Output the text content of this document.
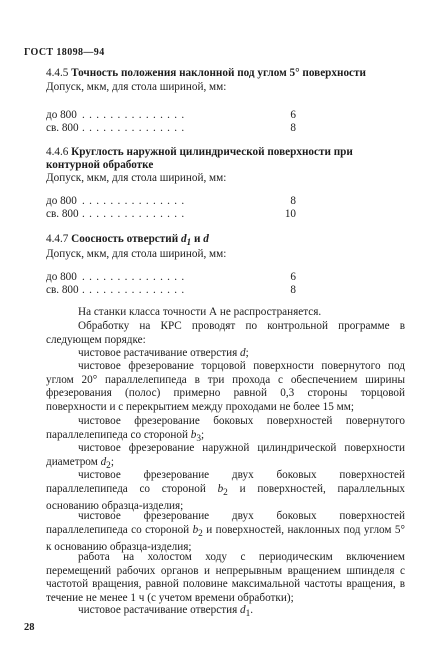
ГОСТ 18098—94
4.4.5 Точность положения наклонной под углом 5° поверхности
Допуск, мкм, для стола шириной, мм:
до 800 ...............	6
св. 800 ...............	8
4.4.6 Круглость наружной цилиндрической поверхности при контурной обработке
Допуск, мкм, для стола шириной, мм:
до 800 ...............	8
св. 800 ...............	10
4.4.7 Соосность отверстий $d_1$ и d
Допуск, мкм, для стола шириной, мм:
до 800 ...............	6
св. 800 ...............	8
На станки класса точности А не распространяется.
Обработку на КРС проводят по контрольной программе в следующем порядке:
чистовое растачивание отверстия d;
чистовое фрезерование торцовой поверхности повернутого под углом 20° параллелепипеда в три прохода с обеспечением ширины фрезерования (полос) примерно равной 0,3 стороны торцовой поверхности и с перекрытием между проходами не более 15 мм;
чистовое фрезерование боковых поверхностей повернутого параллелепипеда со стороной $b_3$;
чистовое фрезерование наружной цилиндрической поверхности диаметром $d_2$;
чистовое фрезерование двух боковых поверхностей параллелепипеда со стороной $b_2$ и поверхностей, параллельных основанию образца-изделия;
чистовое фрезерование двух боковых поверхностей параллелепипеда со стороной $b_2$ и поверхностей, наклонных под углом 5° к основанию образца-изделия;
работа на холостом ходу с периодическим включением перемещений рабочих органов и непрерывным вращением шпинделя с частотой вращения, равной половине максимальной частоты вращения, в течение не менее 1 ч (с учетом времени обработки);
чистовое растачивание отверстия $d_1$.
28
